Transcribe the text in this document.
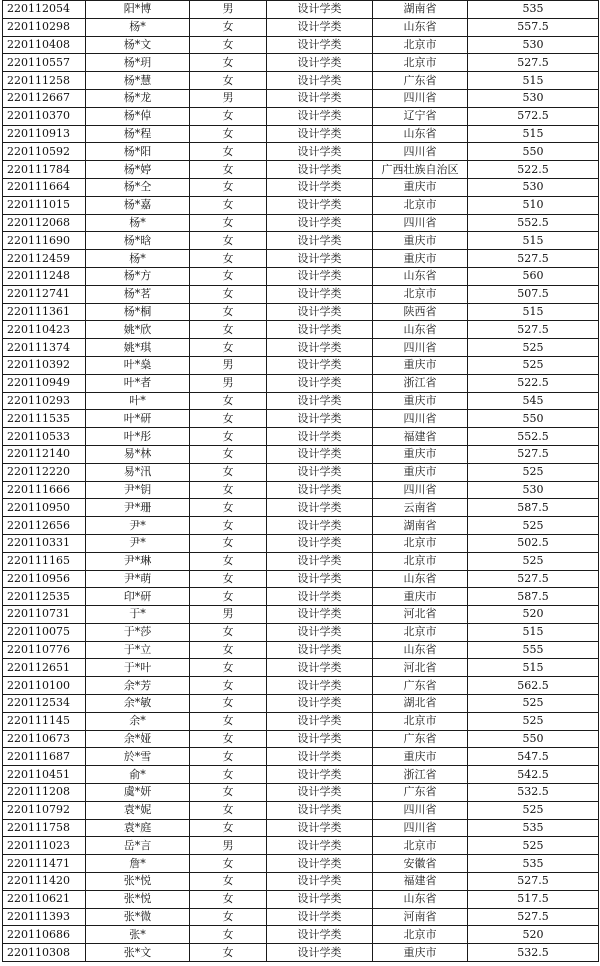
220112054	阳*博	男	设计学类	湖南省	535
220110298	杨*	女	设计学类	山东省	557.5
220110408	杨*文	女	设计学类	北京市	530
220110557	杨*玥	女	设计学类	北京市	527.5
220111258	杨*慧	女	设计学类	广东省	515
220112667	杨*龙	男	设计学类	四川省	530
220110370	杨*倬	女	设计学类	辽宁省	572.5
220110913	杨*程	女	设计学类	山东省	515
220110592	杨*阳	女	设计学类	四川省	550
220111784	杨*婷	女	设计学类	广西壮族自治区	522.5
220111664	杨*仝	女	设计学类	重庆市	530
220111015	杨*嘉	女	设计学类	北京市	510
220112068	杨*	女	设计学类	四川省	552.5
220111690	杨*晗	女	设计学类	重庆市	515
220112459	杨*	女	设计学类	重庆市	527.5
220111248	杨*方	女	设计学类	山东省	560
220112741	杨*茗	女	设计学类	北京市	507.5
220111361	杨*桐	女	设计学类	陕西省	515
220110423	姚*欣	女	设计学类	山东省	527.5
220111374	姚*琪	女	设计学类	四川省	525
220110392	叶*燊	男	设计学类	重庆市	525
220110949	叶*者	男	设计学类	浙江省	522.5
220110293	叶*	女	设计学类	重庆市	545
220111535	叶*研	女	设计学类	四川省	550
220110533	叶*彤	女	设计学类	福建省	552.5
220112140	易*林	女	设计学类	重庆市	527.5
220112220	易*汛	女	设计学类	重庆市	525
220111666	尹*钥	女	设计学类	四川省	530
220110950	尹*珊	女	设计学类	云南省	587.5
220112656	尹*	女	设计学类	湖南省	525
220110331	尹*	女	设计学类	北京市	502.5
220111165	尹*琳	女	设计学类	北京市	525
220110956	尹*萌	女	设计学类	山东省	527.5
220112535	印*研	女	设计学类	重庆市	587.5
220110731	于*	男	设计学类	河北省	520
220110075	于*莎	女	设计学类	北京市	515
220110776	于*立	女	设计学类	山东省	555
220112651	于*叶	女	设计学类	河北省	515
220110100	余*芳	女	设计学类	广东省	562.5
220112534	余*敏	女	设计学类	湖北省	525
220111145	余*	女	设计学类	北京市	525
220110673	余*娅	女	设计学类	广东省	550
220111687	於*雪	女	设计学类	重庆市	547.5
220110451	俞*	女	设计学类	浙江省	542.5
220111208	虞*妍	女	设计学类	广东省	532.5
220110792	袁*妮	女	设计学类	四川省	525
220111758	袁*庭	女	设计学类	四川省	535
220111023	岳*言	男	设计学类	北京市	525
220111471	詹*	女	设计学类	安徽省	535
220111420	张*悦	女	设计学类	福建省	527.5
220110621	张*悦	女	设计学类	山东省	517.5
220111393	张*微	女	设计学类	河南省	527.5
220110686	张*	女	设计学类	北京市	520
220110308	张*文	女	设计学类	重庆市	532.5
